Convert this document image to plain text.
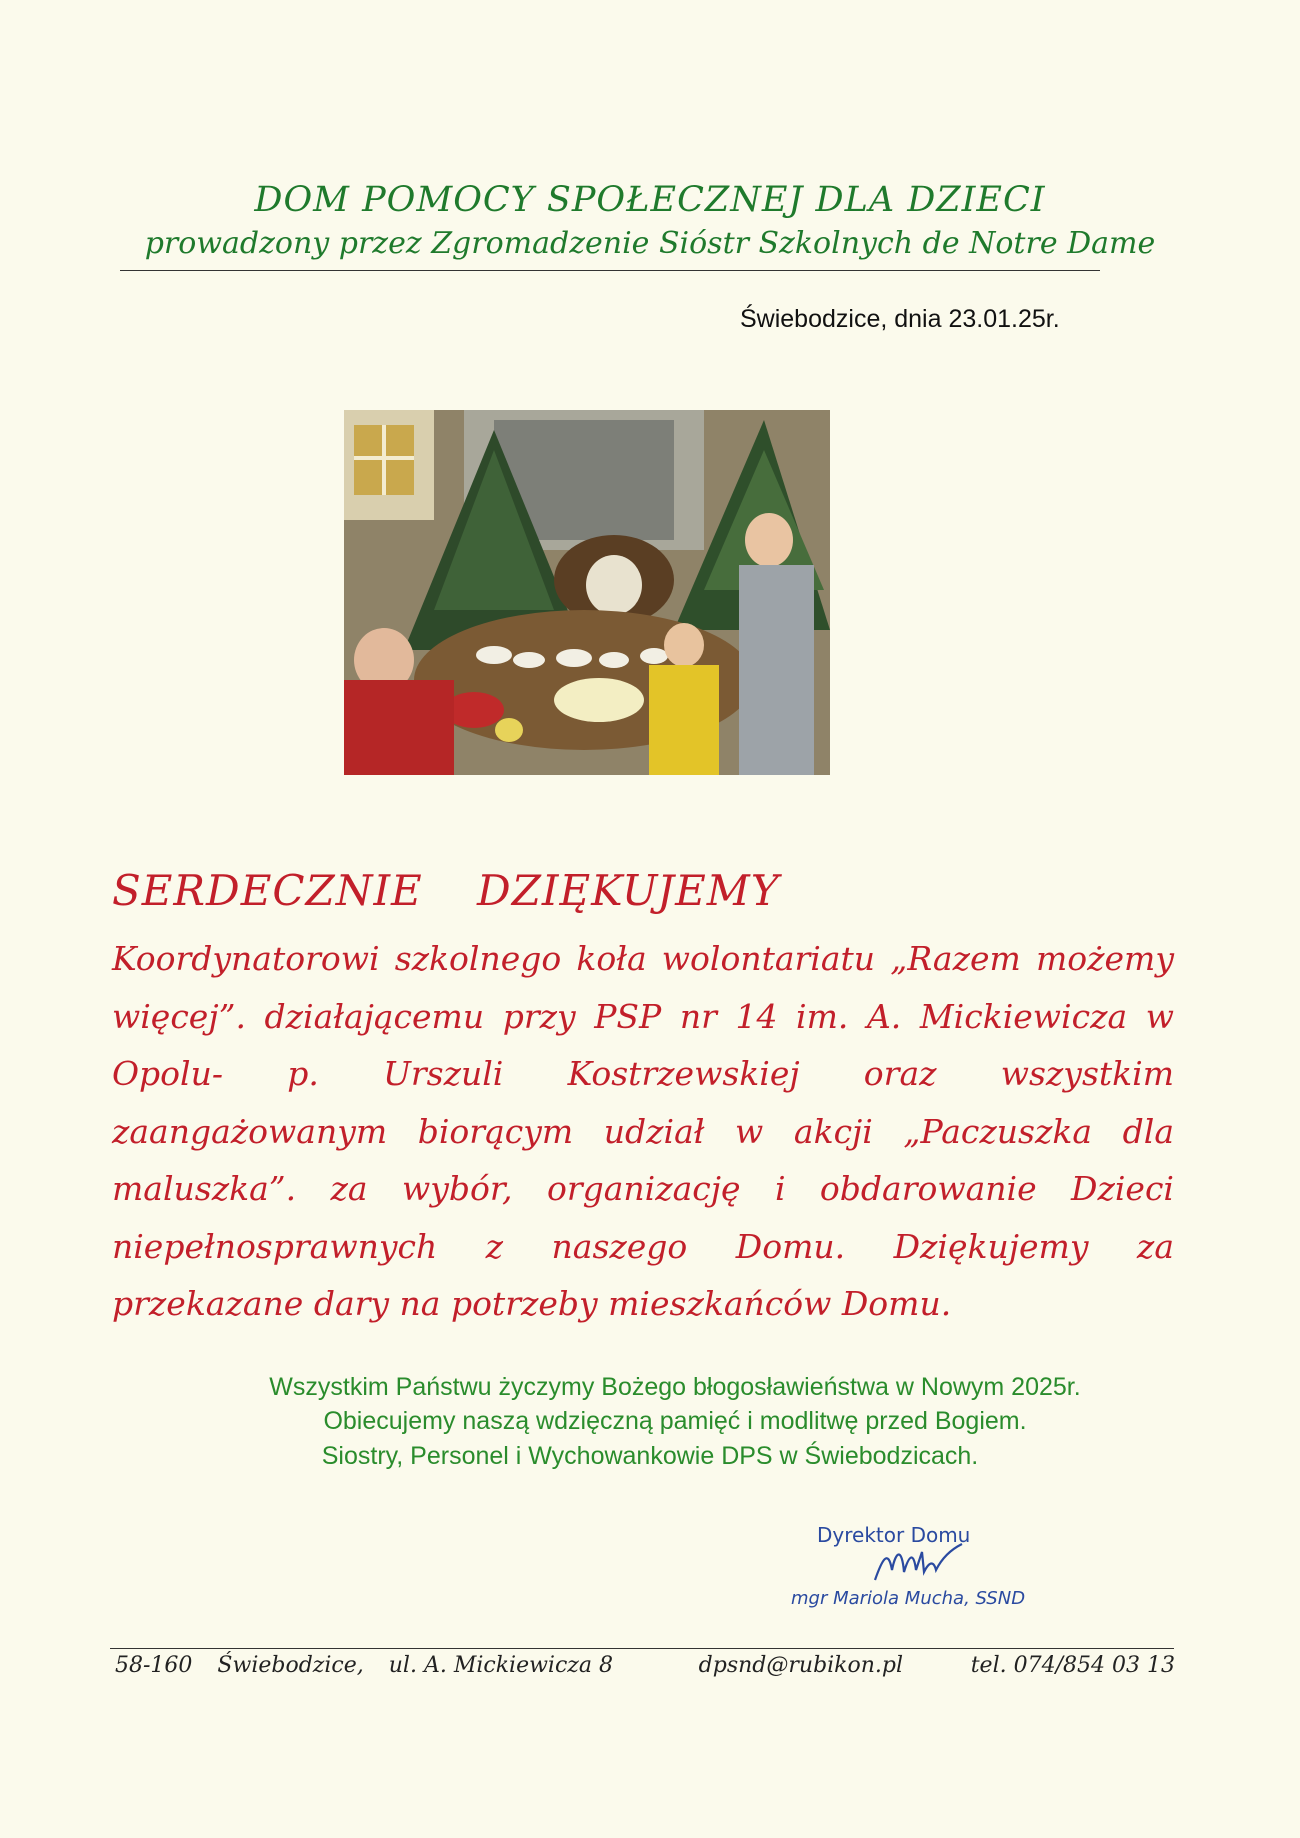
DOM POMOCY SPOŁECZNEJ DLA DZIECI
prowadzony przez Zgromadzenie Sióstr Szkolnych de Notre Dame
Świebodzice, dnia 23.01.25r.
SERDECZNIE DZIĘKUJEMY
Koordynatorowi szkolnego koła wolontariatu „Razem możemy więcej”. działającemu przy PSP nr 14 im. A. Mickiewicza w Opolu- p. Urszuli Kostrzewskiej oraz wszystkim zaangażowanym biorącym udział w akcji „Paczuszka dla maluszka”. za wybór, organizację i obdarowanie Dzieci niepełnosprawnych z naszego Domu. Dziękujemy za przekazane dary na potrzeby mieszkańców Domu.
Wszystkim Państwu życzymy Bożego błogosławieństwa w Nowym 2025r.
Obiecujemy naszą wdzięczną pamięć i modlitwę przed Bogiem.
Siostry, Personel i Wychowankowie DPS w Świebodzicach.
Dyrektor Domu
mgr Mariola Mucha, SSND
58-160 Świebodzice, ul. A. Mickiewicza 8	dpsnd@rubikon.pl	tel. 074/854 03 13
